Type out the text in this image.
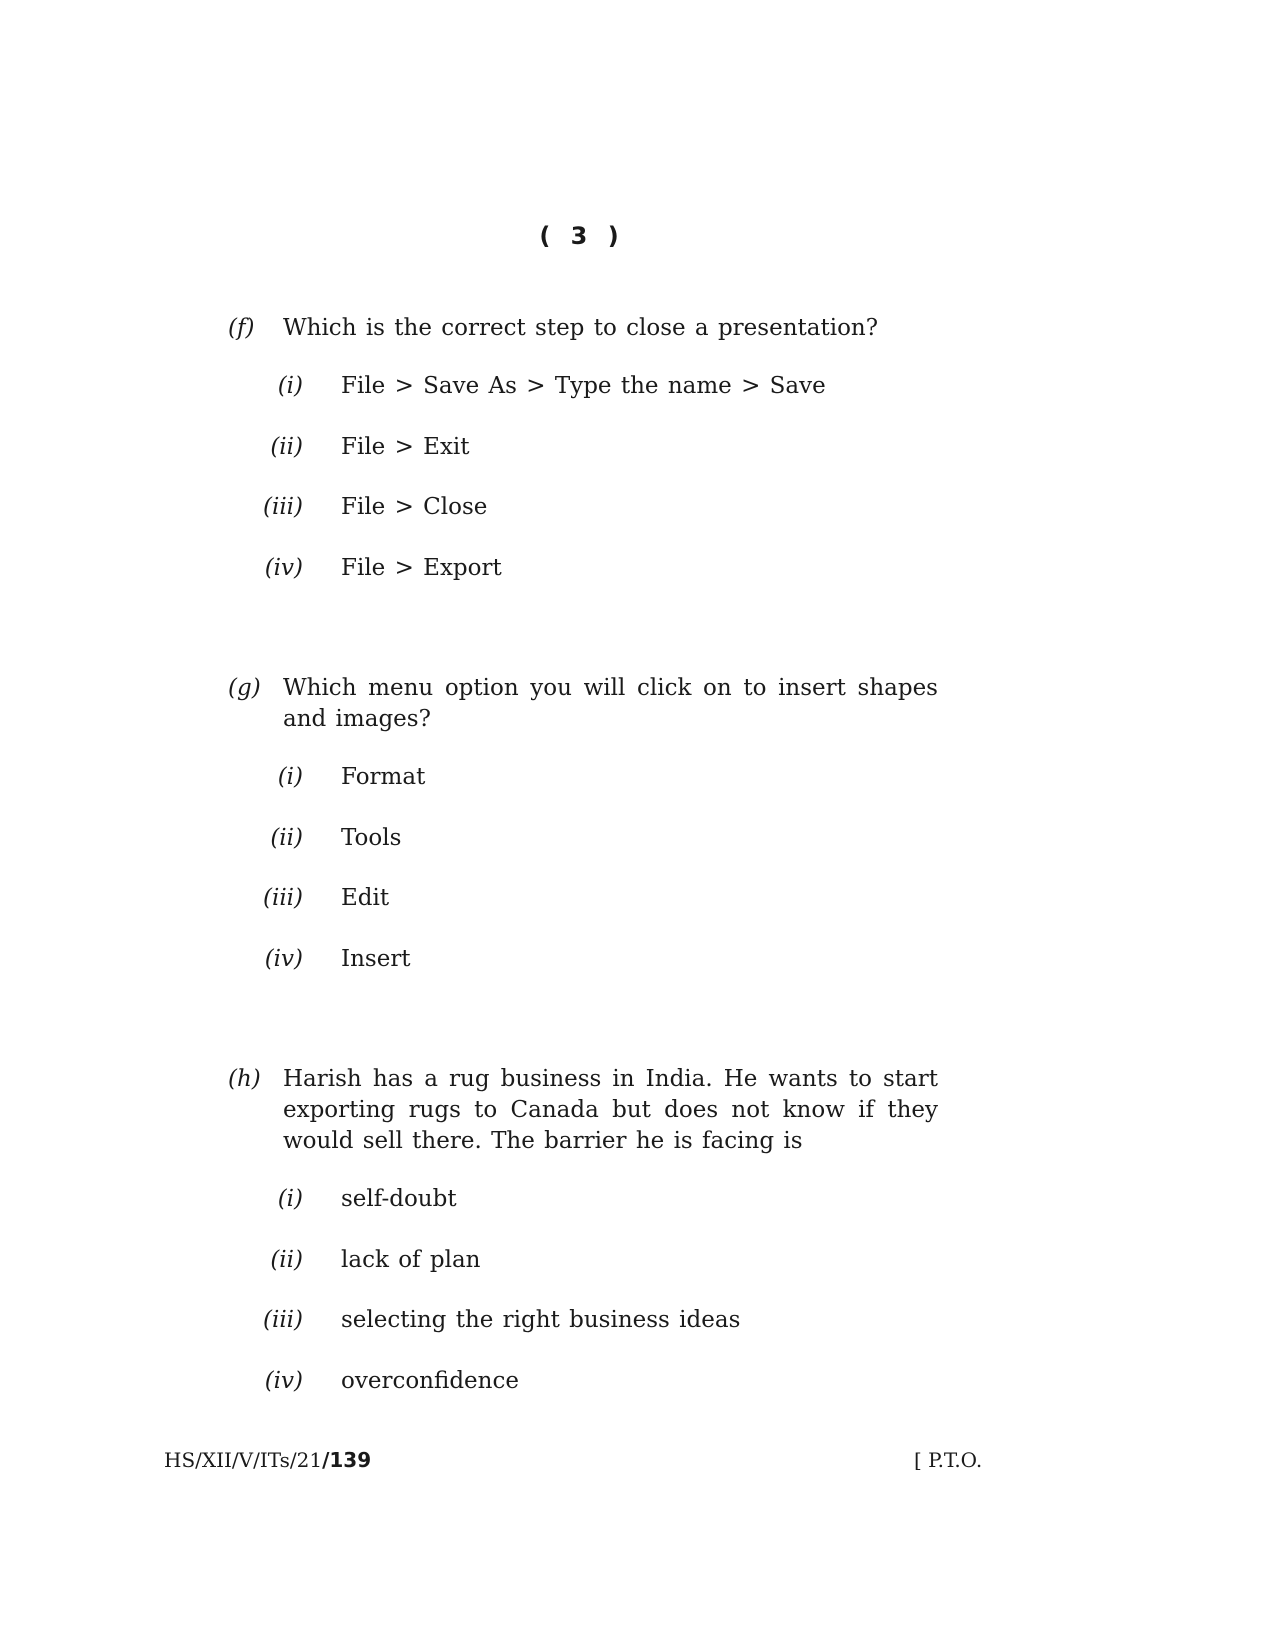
( 3 )
(f) Which is the correct step to close a presentation?
(i) File > Save As > Type the name > Save
(ii) File > Exit
(iii) File > Close
(iv) File > Export
(g) Which menu option you will click on to insert shapes and images?
(i) Format
(ii) Tools
(iii) Edit
(iv) Insert
(h) Harish has a rug business in India. He wants to start exporting rugs to Canada but does not know if they would sell there. The barrier he is facing is
(i) self-doubt
(ii) lack of plan
(iii) selecting the right business ideas
(iv) overconfidence
HS/XII/V/ITs/21/139	[ P.T.O.
